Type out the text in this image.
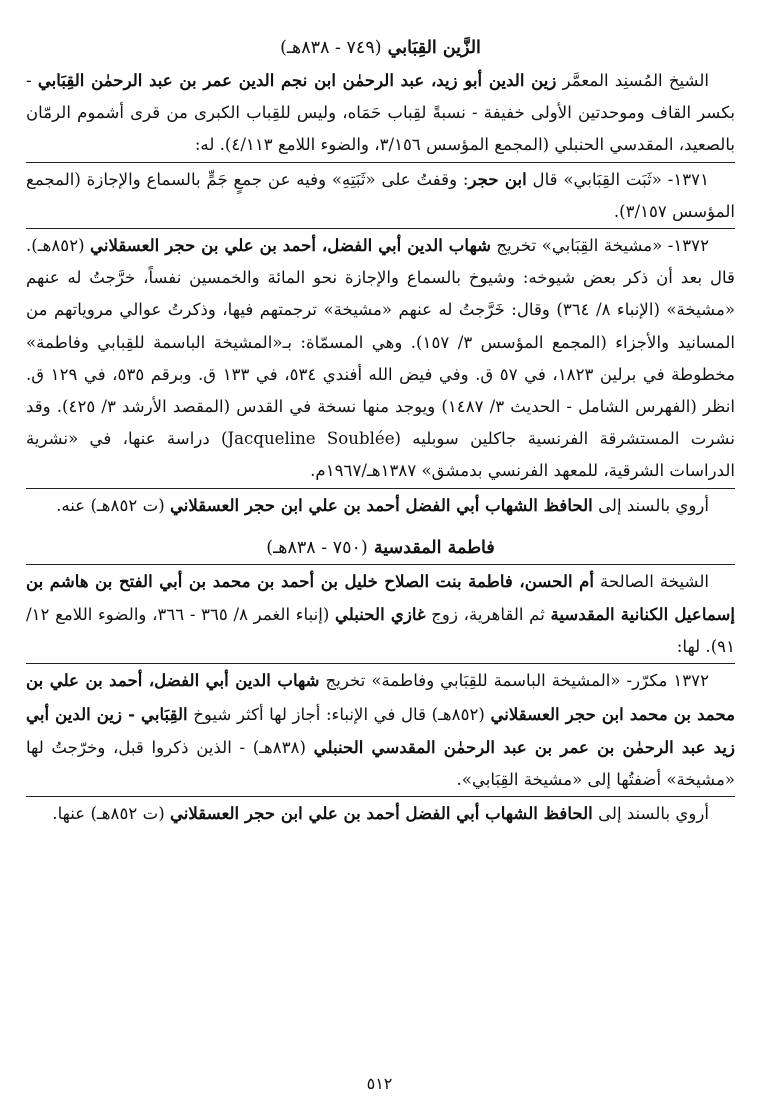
الزَّين القِبَابي (٧٤٩ - ٨٣٨هـ)

الشيخ المُسنِد المعمَّر زين الدين أبو زيد، عبد الرحمٰن ابن نجم الدين عمر بن عبد الرحمٰن القِبَابي - بكسر القاف وموحدتين الأولى خفيفة - نسبةً لقِباب حَمَاه، وليس للقِباب الكبرى من قرى أشموم الرمّان بالصعيد، المقدسي الحنبلي (المجمع المؤسس ٣/١٥٦، والضوء اللامع ٤/١١٣). له:

١٣٧١- «ثَبَت القِبَابي» قال ابن حجر: وقفتُ على «ثَبَتِهِ» وفيه عن جمعٍ جَمٍّ بالسماع والإجازة (المجمع المؤسس ٣/١٥٧).

١٣٧٢- «مشيخة القِبَابي» تخريج شهاب الدين أبي الفضل، أحمد بن علي بن حجر العسقلاني (٨٥٢هـ). قال بعد أن ذكر بعض شيوخه: وشيوخ بالسماع والإجازة نحو المائة والخمسين نفساً، خرَّجتُ له عنهم «مشيخة» (الإنباء ٨/ ٣٦٤) وقال: خَرَّجتُ له عنهم «مشيخة» ترجمتهم فيها، وذكرتُ عوالي مروياتهم من المسانيد والأجزاء (المجمع المؤسس ٣/ ١٥٧). وهي المسمّاة: بـ«المشيخة الباسمة للقِبابي وفاطمة» مخطوطة في برلين ١٨٢٣، في ٥٧ ق. وفي فيض الله أفندي ٥٣٤، في ١٣٣ ق. وبرقم ٥٣٥، في ١٢٩ ق. انظر (الفهرس الشامل - الحديث ٣/ ١٤٨٧) ويوجد منها نسخة في القدس (المقصد الأرشد ٣/ ٤٢٥). وقد نشرت المستشرقة الفرنسية جاكلين سوبليه (Jacqueline Soublée) دراسة عنها، في «نشرية الدراسات الشرقية، للمعهد الفرنسي بدمشق» ١٣٨٧هـ/١٩٦٧م.

أروي بالسند إلى الحافظ الشهاب أبي الفضل أحمد بن علي ابن حجر العسقلاني (ت ٨٥٢هـ) عنه.

فاطمة المقدسية (٧٥٠ - ٨٣٨هـ)

الشيخة الصالحة أم الحسن، فاطمة بنت الصلاح خليل بن أحمد بن محمد بن أبي الفتح بن هاشم بن إسماعيل الكنانية المقدسية ثم القاهرية، زوج غازي الحنبلي (إنباء الغمر ٨/ ٣٦٥ - ٣٦٦، والضوء اللامع ١٢/ ٩١). لها:

١٣٧٢ مكرّر- «المشيخة الباسمة للقِبَابي وفاطمة» تخريج شهاب الدين أبي الفضل، أحمد بن علي بن محمد بن محمد ابن حجر العسقلاني (٨٥٢هـ) قال في الإنباء: أجاز لها أكثر شيوخ القِبَابي - زين الدين أبي زيد عبد الرحمٰن بن عمر بن عبد الرحمٰن المقدسي الحنبلي (٨٣٨هـ) - الذين ذكروا قبل، وخرّجتُ لها «مشيخة» أضفتُها إلى «مشيخة القِبَابي».

أروي بالسند إلى الحافظ الشهاب أبي الفضل أحمد بن علي ابن حجر العسقلاني (ت ٨٥٢هـ) عنها.

٥١٢
